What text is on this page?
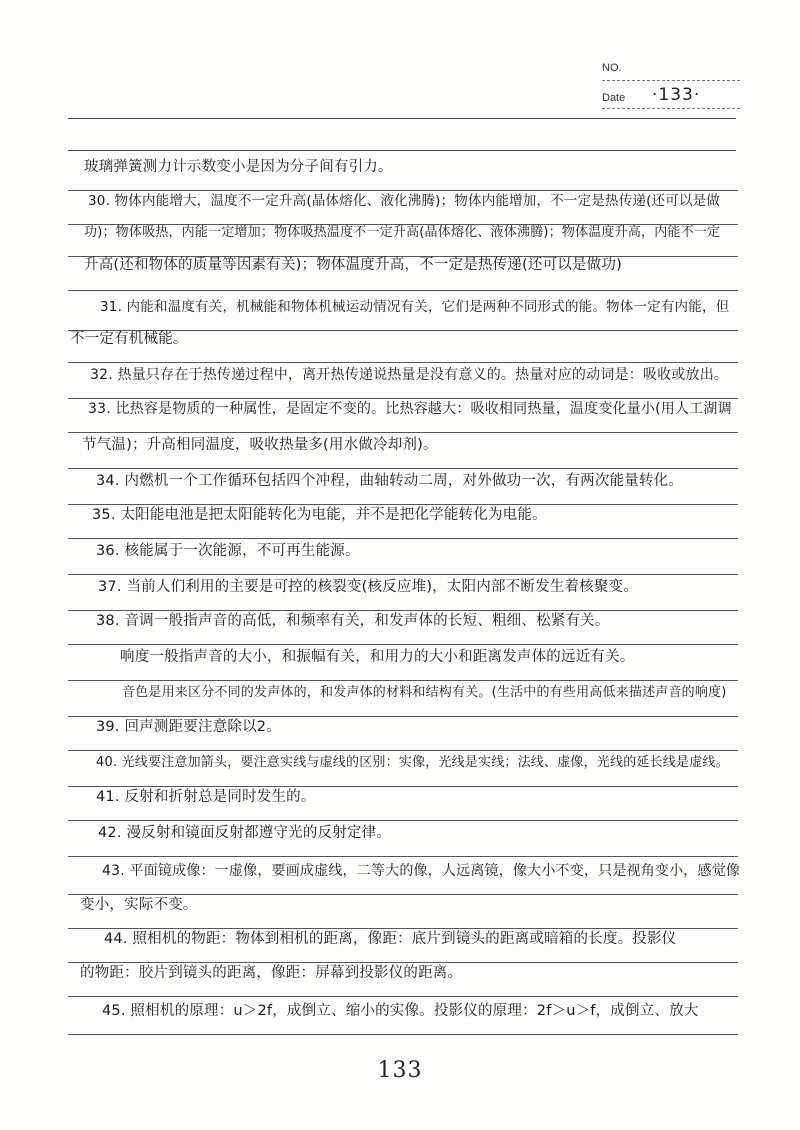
NO.
Date ·133·
玻璃弹簧测力计示数变小是因为分子间有引力。
30. 物体内能增大，温度不一定升高(晶体熔化、液化沸腾)；物体内能增加，不一定是热传递(还可以是做
功)；物体吸热，内能一定增加；物体吸热温度不一定升高(晶体熔化、液体沸腾)；物体温度升高，内能不一定
升高(还和物体的质量等因素有关)；物体温度升高，不一定是热传递(还可以是做功)
31. 内能和温度有关，机械能和物体机械运动情况有关，它们是两种不同形式的能。物体一定有内能，但
不一定有机械能。
32. 热量只存在于热传递过程中，离开热传递说热量是没有意义的。热量对应的动词是：吸收或放出。
33. 比热容是物质的一种属性，是固定不变的。比热容越大：吸收相同热量，温度变化量小(用人工湖调
节气温)；升高相同温度，吸收热量多(用水做冷却剂)。
34. 内燃机一个工作循环包括四个冲程，曲轴转动二周，对外做功一次，有两次能量转化。
35. 太阳能电池是把太阳能转化为电能，并不是把化学能转化为电能。
36. 核能属于一次能源，不可再生能源。
37. 当前人们利用的主要是可控的核裂变(核反应堆)，太阳内部不断发生着核聚变。
38. 音调一般指声音的高低，和频率有关，和发声体的长短、粗细、松紧有关。
响度一般指声音的大小，和振幅有关，和用力的大小和距离发声体的远近有关。
音色是用来区分不同的发声体的，和发声体的材料和结构有关。(生活中的有些用高低来描述声音的响度)
39. 回声测距要注意除以2。
40. 光线要注意加箭头，要注意实线与虚线的区别：实像，光线是实线；法线、虚像，光线的延长线是虚线。
41. 反射和折射总是同时发生的。
42. 漫反射和镜面反射都遵守光的反射定律。
43. 平面镜成像：一虚像，要画成虚线，二等大的像，人远离镜，像大小不变，只是视角变小，感觉像
变小，实际不变。
44. 照相机的物距：物体到相机的距离，像距：底片到镜头的距离或暗箱的长度。投影仪
的物距：胶片到镜头的距离，像距：屏幕到投影仪的距离。
45. 照相机的原理：u＞2f，成倒立、缩小的实像。投影仪的原理：2f＞u＞f，成倒立、放大
133
